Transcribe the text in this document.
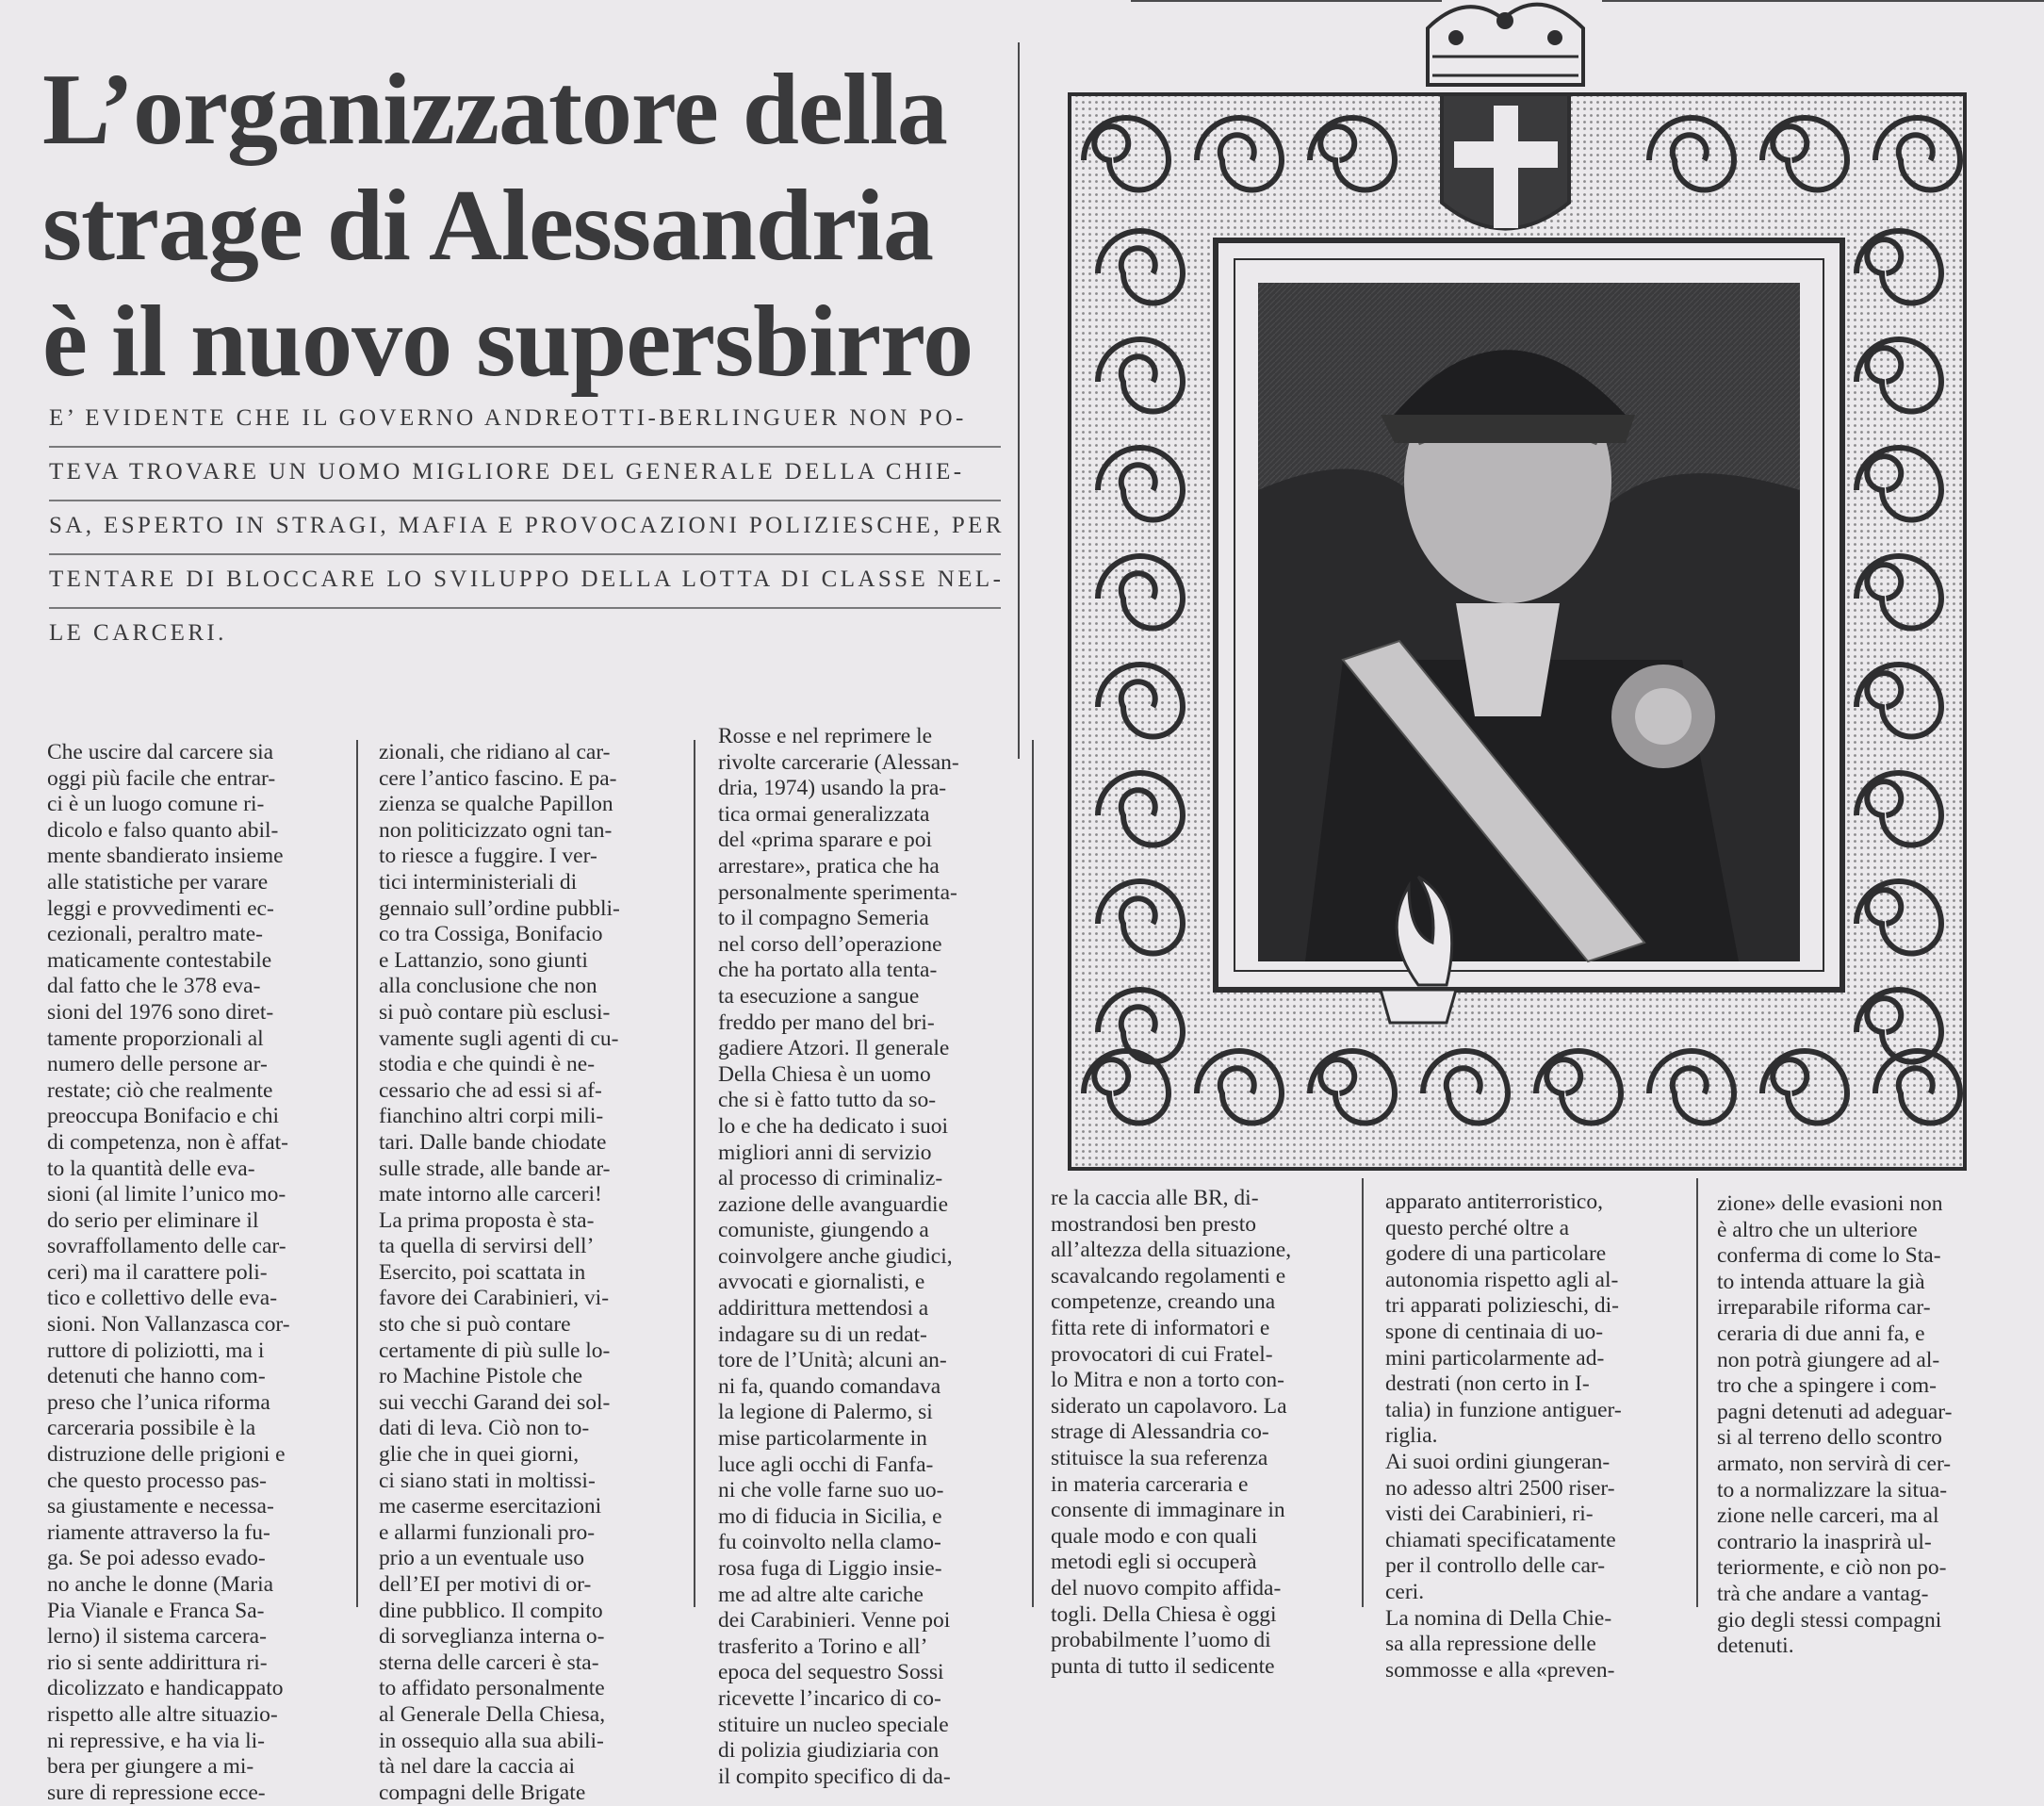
L’organizzatore della
strage di Alessandria
è il nuovo supersbirro
E’ EVIDENTE CHE IL GOVERNO ANDREOTTI-BERLINGUER NON PO-
TEVA TROVARE UN UOMO MIGLIORE DEL GENERALE DELLA CHIE-
SA, ESPERTO IN STRAGI, MAFIA E PROVOCAZIONI POLIZIESCHE, PER
TENTARE DI BLOCCARE LO SVILUPPO DELLA LOTTA DI CLASSE NEL-
LE CARCERI.
Che uscire dal carcere sia
oggi più facile che entrar-
ci è un luogo comune ri-
dicolo e falso quanto abil-
mente sbandierato insieme
alle statistiche per varare
leggi e provvedimenti ec-
cezionali, peraltro mate-
maticamente contestabile
dal fatto che le 378 eva-
sioni del 1976 sono diret-
tamente proporzionali al
numero delle persone ar-
restate; ciò che realmente
preoccupa Bonifacio e chi
di competenza, non è affat-
to la quantità delle eva-
sioni (al limite l’unico mo-
do serio per eliminare il
sovraffollamento delle car-
ceri) ma il carattere poli-
tico e collettivo delle eva-
sioni. Non Vallanzasca cor-
ruttore di poliziotti, ma i
detenuti che hanno com-
preso che l’unica riforma
carceraria possibile è la
distruzione delle prigioni e
che questo processo pas-
sa giustamente e necessa-
riamente attraverso la fu-
ga. Se poi adesso evado-
no anche le donne (Maria
Pia Vianale e Franca Sa-
lerno) il sistema carcera-
rio si sente addirittura ri-
dicolizzato e handicappato
rispetto alle altre situazio-
ni repressive, e ha via li-
bera per giungere a mi-
sure di repressione ecce-
zionali, che ridiano al car-
cere l’antico fascino. E pa-
zienza se qualche Papillon
non politicizzato ogni tan-
to riesce a fuggire. I ver-
tici interministeriali di
gennaio sull’ordine pubbli-
co tra Cossiga, Bonifacio
e Lattanzio, sono giunti
alla conclusione che non
si può contare più esclusi-
vamente sugli agenti di cu-
stodia e che quindi è ne-
cessario che ad essi si af-
fianchino altri corpi mili-
tari. Dalle bande chiodate
sulle strade, alle bande ar-
mate intorno alle carceri!
La prima proposta è sta-
ta quella di servirsi dell’
Esercito, poi scattata in
favore dei Carabinieri, vi-
sto che si può contare
certamente di più sulle lo-
ro Machine Pistole che
sui vecchi Garand dei sol-
dati di leva. Ciò non to-
glie che in quei giorni,
ci siano stati in moltissi-
me caserme esercitazioni
e allarmi funzionali pro-
prio a un eventuale uso
dell’EI per motivi di or-
dine pubblico. Il compito
di sorveglianza interna o-
sterna delle carceri è sta-
to affidato personalmente
al Generale Della Chiesa,
in ossequio alla sua abili-
tà nel dare la caccia ai
compagni delle Brigate
Rosse e nel reprimere le
rivolte carcerarie (Alessan-
dria, 1974) usando la pra-
tica ormai generalizzata
del «prima sparare e poi
arrestare», pratica che ha
personalmente sperimenta-
to il compagno Semeria
nel corso dell’operazione
che ha portato alla tenta-
ta esecuzione a sangue
freddo per mano del bri-
gadiere Atzori. Il generale
Della Chiesa è un uomo
che si è fatto tutto da so-
lo e che ha dedicato i suoi
migliori anni di servizio
al processo di criminaliz-
zazione delle avanguardie
comuniste, giungendo a
coinvolgere anche giudici,
avvocati e giornalisti, e
addirittura mettendosi a
indagare su di un redat-
tore de l’Unità; alcuni an-
ni fa, quando comandava
la legione di Palermo, si
mise particolarmente in
luce agli occhi di Fanfa-
ni che volle farne suo uo-
mo di fiducia in Sicilia, e
fu coinvolto nella clamo-
rosa fuga di Liggio insie-
me ad altre alte cariche
dei Carabinieri. Venne poi
trasferito a Torino e all’
epoca del sequestro Sossi
ricevette l’incarico di co-
stituire un nucleo speciale
di polizia giudiziaria con
il compito specifico di da-
re la caccia alle BR, di-
mostrandosi ben presto
all’altezza della situazione,
scavalcando regolamenti e
competenze, creando una
fitta rete di informatori e
provocatori di cui Fratel-
lo Mitra e non a torto con-
siderato un capolavoro. La
strage di Alessandria co-
stituisce la sua referenza
in materia carceraria e
consente di immaginare in
quale modo e con quali
metodi egli si occuperà
del nuovo compito affida-
togli. Della Chiesa è oggi
probabilmente l’uomo di
punta di tutto il sedicente
apparato antiterroristico,
questo perché oltre a
godere di una particolare
autonomia rispetto agli al-
tri apparati polizieschi, di-
spone di centinaia di uo-
mini particolarmente ad-
destrati (non certo in I-
talia) in funzione antiguer-
riglia.
Ai suoi ordini giungeran-
no adesso altri 2500 riser-
visti dei Carabinieri, ri-
chiamati specificatamente
per il controllo delle car-
ceri.
La nomina di Della Chie-
sa alla repressione delle
sommosse e alla «preven-
zione» delle evasioni non
è altro che un ulteriore
conferma di come lo Sta-
to intenda attuare la già
irreparabile riforma car-
ceraria di due anni fa, e
non potrà giungere ad al-
tro che a spingere i com-
pagni detenuti ad adeguar-
si al terreno dello scontro
armato, non servirà di cer-
to a normalizzare la situa-
zione nelle carceri, ma al
contrario la inasprirà ul-
teriormente, e ciò non po-
trà che andare a vantag-
gio degli stessi compagni
detenuti.
